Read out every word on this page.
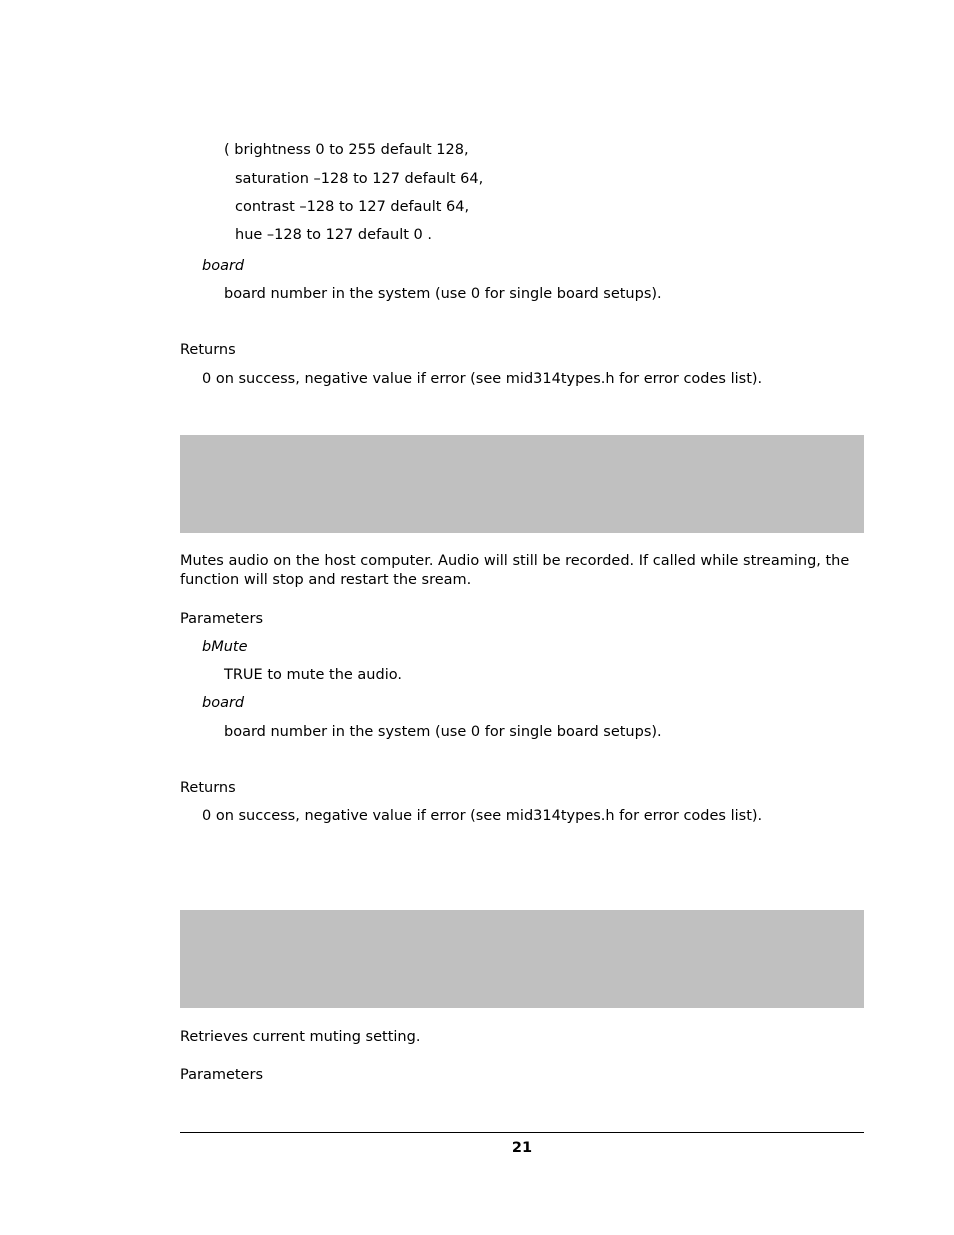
( brightness 0 to 255 default 128,
saturation –128 to 127 default 64,
contrast –128 to 127 default 64,
hue –128 to 127 default 0 .
board
board number in the system (use 0 for single board setups).
Returns
0 on success, negative value if error (see mid314types.h for error codes list).
Mutes audio on the host computer. Audio will still be recorded. If called while streaming, the function will stop and restart the sream.
Parameters
bMute
TRUE to mute the audio.
board
board number in the system (use 0 for single board setups).
Returns
0 on success, negative value if error (see mid314types.h for error codes list).
Retrieves current muting setting.
Parameters
21
